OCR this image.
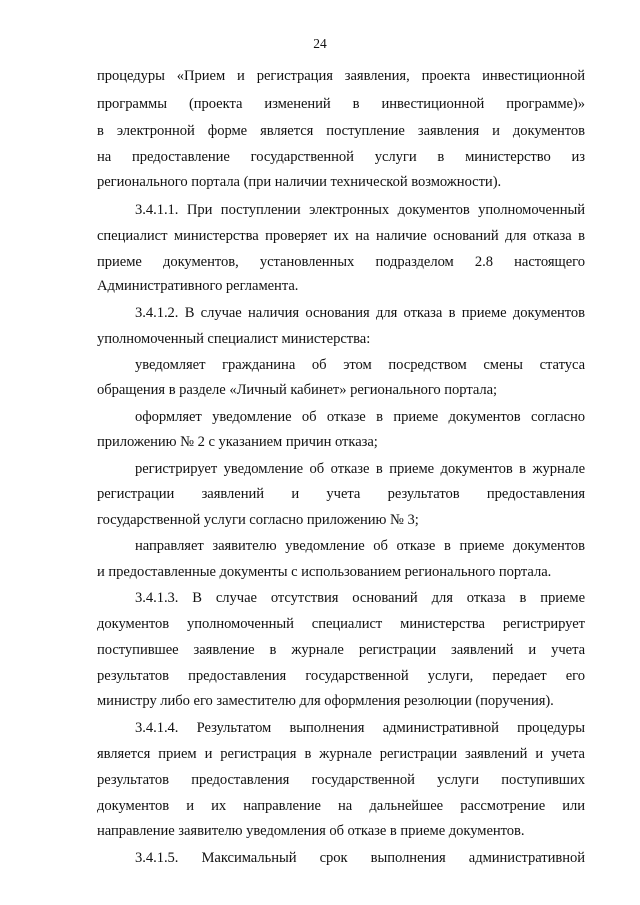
24
процедуры «Прием и регистрация заявления, проекта инвестиционной
программы (проекта изменений в инвестиционной программе)»
в электронной форме является поступление заявления и документов
на предоставление государственной услуги в министерство из
регионального портала (при наличии технической возможности).
3.4.1.1. При поступлении электронных документов уполномоченный
специалист министерства проверяет их на наличие оснований для отказа в
приеме документов, установленных подразделом 2.8 настоящего
Административного регламента.
3.4.1.2. В случае наличия основания для отказа в приеме документов
уполномоченный специалист министерства:
уведомляет гражданина об этом посредством смены статуса
обращения в разделе «Личный кабинет» регионального портала;
оформляет уведомление об отказе в приеме документов согласно
приложению № 2 с указанием причин отказа;
регистрирует уведомление об отказе в приеме документов в журнале
регистрации заявлений и учета результатов предоставления
государственной услуги согласно приложению № 3;
направляет заявителю уведомление об отказе в приеме документов
и предоставленные документы с использованием регионального портала.
3.4.1.3. В случае отсутствия оснований для отказа в приеме
документов уполномоченный специалист министерства регистрирует
поступившее заявление в журнале регистрации заявлений и учета
результатов предоставления государственной услуги, передает его
министру либо его заместителю для оформления резолюции (поручения).
3.4.1.4. Результатом выполнения административной процедуры
является прием и регистрация в журнале регистрации заявлений и учета
результатов предоставления государственной услуги поступивших
документов и их направление на дальнейшее рассмотрение или
направление заявителю уведомления об отказе в приеме документов.
3.4.1.5. Максимальный срок выполнения административной
